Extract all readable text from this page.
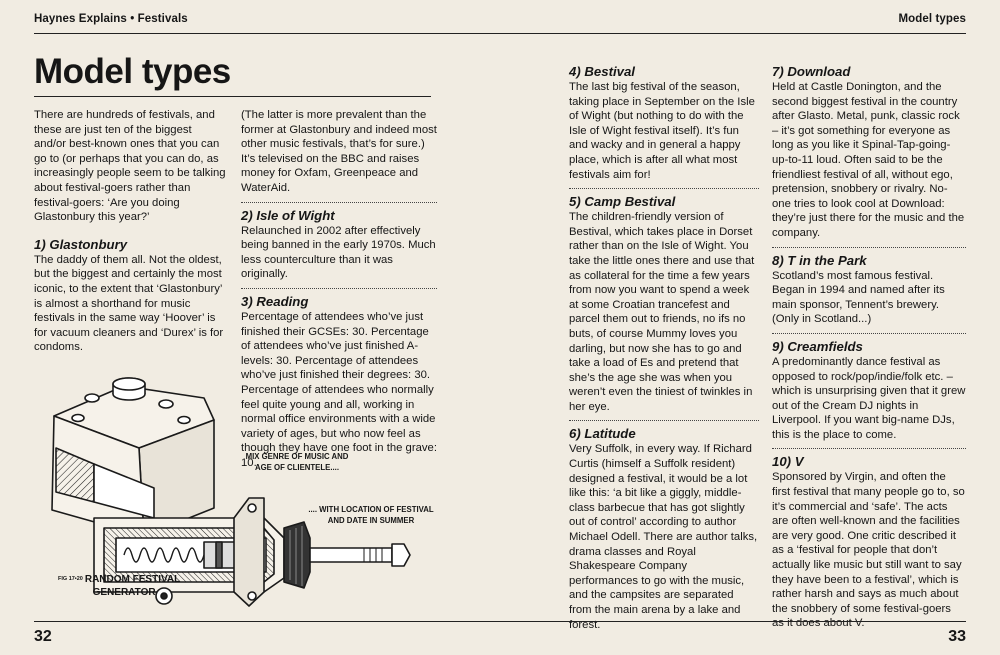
Haynes Explains • Festivals	Model types
Model types

There are hundreds of festivals, and these are just ten of the biggest and/or best-known ones that you can go to (or perhaps that you can do, as increasingly people seem to be talking about festival-goers rather than festival-goers: ‘Are you doing Glastonbury this year?’

1) Glastonbury

The daddy of them all. Not the oldest, but the biggest and certainly the most iconic, to the extent that ‘Glastonbury’ is almost a shorthand for music festivals in the same way ‘Hoover’ is for vacuum cleaners and ‘Durex’ is for condoms.

(The latter is more prevalent than the former at Glastonbury and indeed most other music festivals, that’s for sure.) It’s televised on the BBC and raises money for Oxfam, Greenpeace and WaterAid.

2) Isle of Wight

Relaunched in 2002 after effectively being banned in the early 1970s. Much less counterculture than it was originally.

3) Reading

Percentage of attendees who’ve just finished their GCSEs: 30. Percentage of attendees who’ve just finished A-levels: 30. Percentage of attendees who’ve just finished their degrees: 30. Percentage of attendees who normally feel quite young and all, working in normal office environments with a wide variety of ages, but who now feel as though they have one foot in the grave: 10.

4) Bestival

The last big festival of the season, taking place in September on the Isle of Wight (but nothing to do with the Isle of Wight festival itself). It’s fun and wacky and in general a happy place, which is after all what most festivals aim for!

5) Camp Bestival

The children-friendly version of Bestival, which takes place in Dorset rather than on the Isle of Wight. You take the little ones there and use that as collateral for the time a few years from now you want to spend a week at some Croatian trancefest and parcel them out to friends, no ifs no buts, of course Mummy loves you darling, but now she has to go and take a load of Es and pretend that she’s the age she was when you weren’t even the tiniest of twinkles in her eye.

6) Latitude

Very Suffolk, in every way. If Richard Curtis (himself a Suffolk resident) designed a festival, it would be a lot like this: ‘a bit like a giggly, middle-class barbecue that has got slightly out of control’ according to author Michael Odell. There are author talks, drama classes and Royal Shakespeare Company performances to go with the music, and the campsites are separated from the main arena by a lake and forest.

7) Download

Held at Castle Donington, and the second biggest festival in the country after Glasto. Metal, punk, classic rock – it’s got something for everyone as long as you like it Spinal-Tap-going-up-to-11 loud. Often said to be the friendliest festival of all, without ego, pretension, snobbery or rivalry. No-one tries to look cool at Download: they’re just there for the music and the company.

8) T in the Park

Scotland’s most famous festival. Began in 1994 and named after its main sponsor, Tennent’s brewery. (Only in Scotland...)

9) Creamfields

A predominantly dance festival as opposed to rock/pop/indie/folk etc. – which is unsurprising given that it grew out of the Cream DJ nights in Liverpool. If you want big-name DJs, this is the place to come.

10) V

Sponsored by Virgin, and often the first festival that many people go to, so it’s commercial and ‘safe’. The acts are often well-known and the facilities are very good. One critic described it as a ‘festival for people that don’t actually like music but still want to say they have been to a festival’, which is rather harsh and says as much about the snobbery of some festival-goers as it does about V.

MIX GENRE OF MUSIC AND AGE OF CLIENTELE....
.... WITH LOCATION OF FESTIVAL AND DATE IN SUMMER
$^{FIG 17•20}$ RANDOM FESTIVAL
GENERATOR
32	33
